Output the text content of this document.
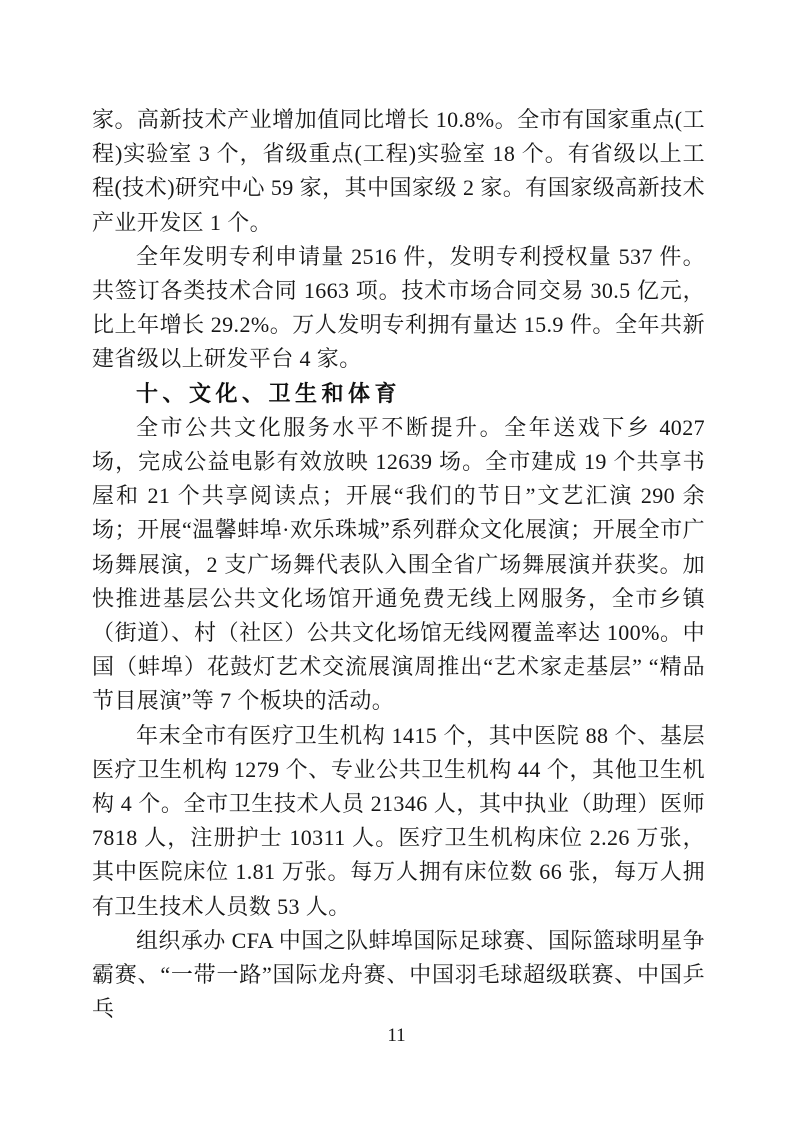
家。高新技术产业增加值同比增长 10.8%。全市有国家重点(工程)实验室 3 个，省级重点(工程)实验室 18 个。有省级以上工程(技术)研究中心 59 家，其中国家级 2 家。有国家级高新技术产业开发区 1 个。

全年发明专利申请量 2516 件，发明专利授权量 537 件。共签订各类技术合同 1663 项。技术市场合同交易 30.5 亿元，比上年增长 29.2%。万人发明专利拥有量达 15.9 件。全年共新建省级以上研发平台 4 家。

十、文化、卫生和体育

全市公共文化服务水平不断提升。全年送戏下乡 4027 场，完成公益电影有效放映 12639 场。全市建成 19 个共享书屋和 21 个共享阅读点；开展“我们的节日”文艺汇演 290 余场；开展“温馨蚌埠·欢乐珠城”系列群众文化展演；开展全市广场舞展演，2 支广场舞代表队入围全省广场舞展演并获奖。加快推进基层公共文化场馆开通免费无线上网服务，全市乡镇（街道）、村（社区）公共文化场馆无线网覆盖率达 100%。中国（蚌埠）花鼓灯艺术交流展演周推出“艺术家走基层” “精品节目展演”等 7 个板块的活动。

年末全市有医疗卫生机构 1415 个，其中医院 88 个、基层医疗卫生机构 1279 个、专业公共卫生机构 44 个，其他卫生机构 4 个。全市卫生技术人员 21346 人，其中执业（助理）医师 7818 人，注册护士 10311 人。医疗卫生机构床位 2.26 万张，其中医院床位 1.81 万张。每万人拥有床位数 66 张，每万人拥有卫生技术人员数 53 人。

组织承办 CFA 中国之队蚌埠国际足球赛、国际篮球明星争霸赛、“一带一路”国际龙舟赛、中国羽毛球超级联赛、中国乒乓

11
